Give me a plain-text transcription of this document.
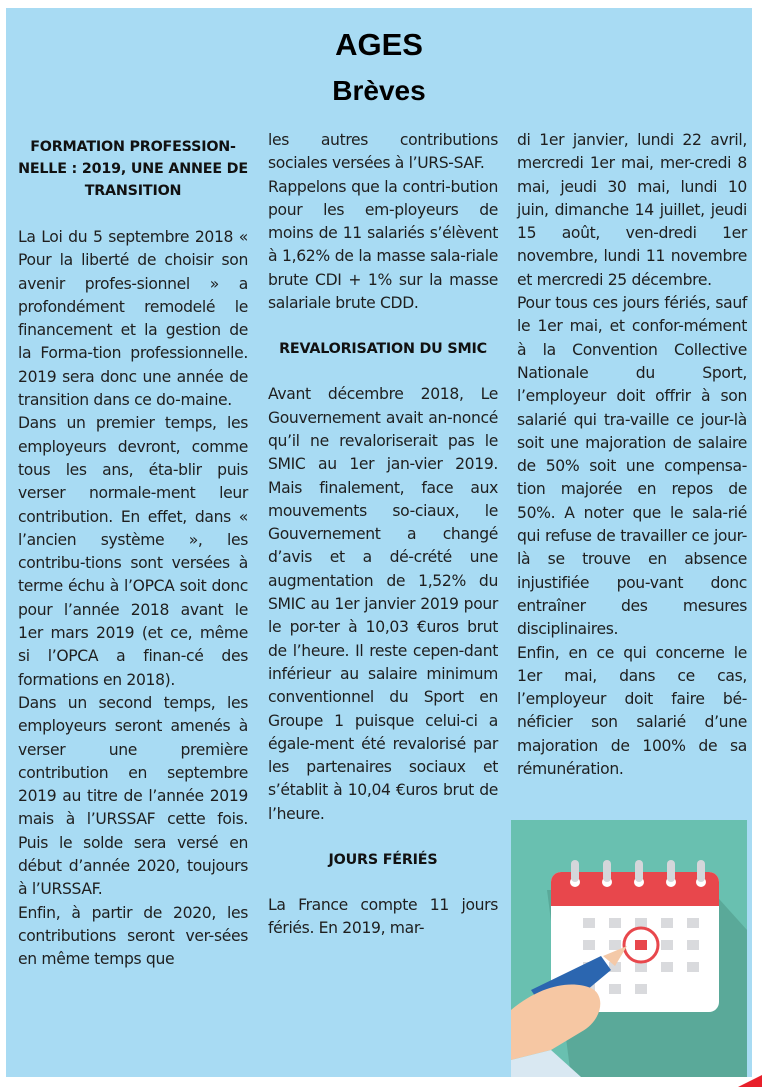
AGES
Brèves

FORMATION PROFESSION-NELLE : 2019, UNE ANNEE DE TRANSITION

La Loi du 5 septembre 2018 « Pour la liberté de choisir son avenir profes-sionnel » a profondément remodelé le financement et la gestion de la Forma-tion professionnelle. 2019 sera donc une année de transition dans ce do-maine.

Dans un premier temps, les employeurs devront, comme tous les ans, éta-blir puis verser normale-ment leur contribution. En effet, dans « l’ancien système », les contribu-tions sont versées à terme échu à l’OPCA soit donc pour l’année 2018 avant le 1er mars 2019 (et ce, même si l’OPCA a finan-cé des formations en 2018).

Dans un second temps, les employeurs seront amenés à verser une première contribution en septembre 2019 au titre de l’année 2019 mais à l’URSSAF cette fois. Puis le solde sera versé en début d’année 2020, toujours à l’URSSAF.

Enfin, à partir de 2020, les contributions seront ver-sées en même temps que

les autres contributions sociales versées à l’URS-SAF.

Rappelons que la contri-bution pour les em-ployeurs de moins de 11 salariés s’élèvent à 1,62% de la masse sala-riale brute CDI + 1% sur la masse salariale brute CDD.

REVALORISATION DU SMIC

Avant décembre 2018, Le Gouvernement avait an-noncé qu’il ne revaloriserait pas le SMIC au 1er jan-vier 2019. Mais finalement, face aux mouvements so-ciaux, le Gouvernement a changé d’avis et a dé-crété une augmentation de 1,52% du SMIC au 1er janvier 2019 pour le por-ter à 10,03 €uros brut de l’heure. Il reste cepen-dant inférieur au salaire minimum conventionnel du Sport en Groupe 1 puisque celui-ci a égale-ment été revalorisé par les partenaires sociaux et s’établit à 10,04 €uros brut de l’heure.

JOURS FÉRIÉS

La France compte 11 jours fériés. En 2019, mar-

di 1er janvier, lundi 22 avril, mercredi 1er mai, mer-credi 8 mai, jeudi 30 mai, lundi 10 juin, dimanche 14 juillet, jeudi 15 août, ven-dredi 1er novembre, lundi 11 novembre et mercredi 25 décembre.

Pour tous ces jours fériés, sauf le 1er mai, et confor-mément à la Convention Collective Nationale du Sport, l’employeur doit offrir à son salarié qui tra-vaille ce jour-là soit une majoration de salaire de 50% soit une compensa-tion majorée en repos de 50%. A noter que le sala-rié qui refuse de travailler ce jour-là se trouve en absence injustifiée pou-vant donc entraîner des mesures disciplinaires.

Enfin, en ce qui concerne le 1er mai, dans ce cas, l’employeur doit faire bé-néficier son salarié d’une majoration de 100% de sa rémunération.
